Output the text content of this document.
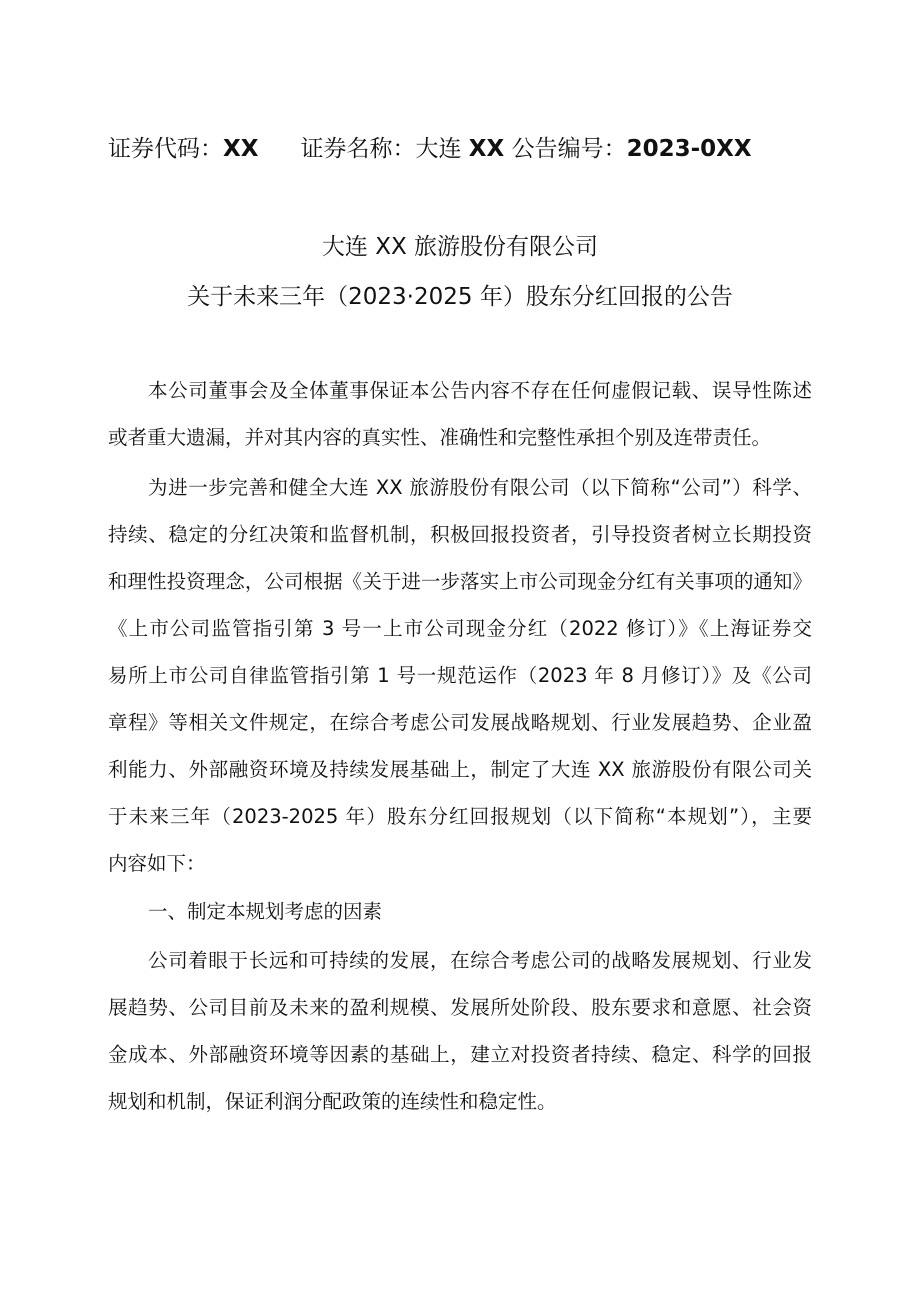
证券代码：XX 证券名称：大连 XX 公告编号：2023-0XX
大连 XX 旅游股份有限公司
关于未来三年（2023·2025 年）股东分红回报的公告
本公司董事会及全体董事保证本公告内容不存在任何虚假记载、误导性陈述
或者重大遗漏，并对其内容的真实性、准确性和完整性承担个别及连带责任。
为进一步完善和健全大连 XX 旅游股份有限公司（以下简称“公司”）科学、
持续、稳定的分红决策和监督机制，积极回报投资者，引导投资者树立长期投资
和理性投资理念，公司根据《关于进一步落实上市公司现金分红有关事项的通知》
《上市公司监管指引第 3 号一上市公司现金分红（2022 修订）》《上海证券交
易所上市公司自律监管指引第 1 号一规范运作（2023 年 8 月修订）》及《公司
章程》等相关文件规定，在综合考虑公司发展战略规划、行业发展趋势、企业盈
利能力、外部融资环境及持续发展基础上，制定了大连 XX 旅游股份有限公司关
于未来三年（2023-2025 年）股东分红回报规划（以下简称“本规划”），主要
内容如下：
一、制定本规划考虑的因素
公司着眼于长远和可持续的发展，在综合考虑公司的战略发展规划、行业发
展趋势、公司目前及未来的盈利规模、发展所处阶段、股东要求和意愿、社会资
金成本、外部融资环境等因素的基础上，建立对投资者持续、稳定、科学的回报
规划和机制，保证利润分配政策的连续性和稳定性。
